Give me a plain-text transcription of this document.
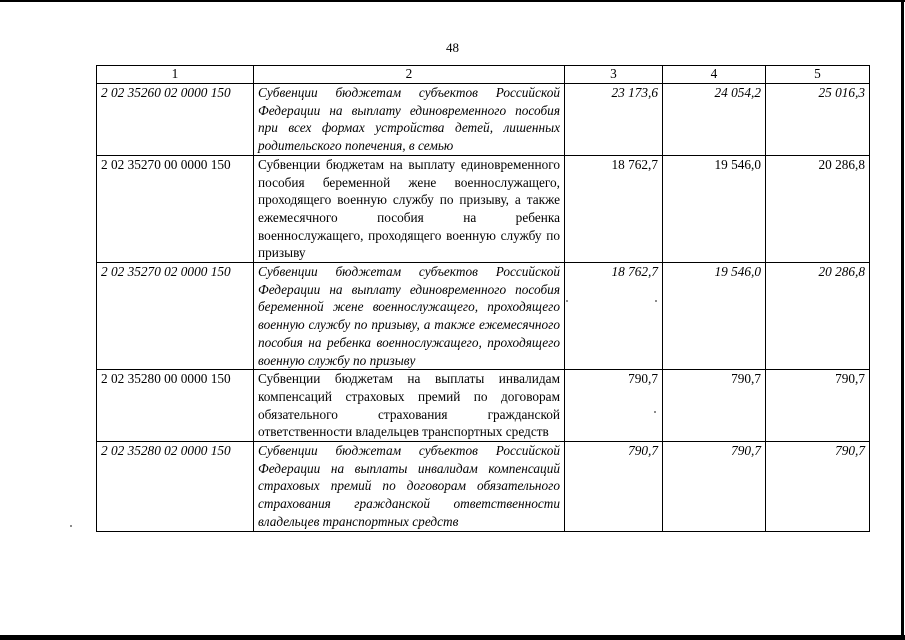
48
1	2	3	4	5
2 02 35260 02 0000 150	Субвенции бюджетам субъектов Российской Федерации на выплату единовременного пособия при всех формах устройства детей, лишенных родительского попечения, в семью	23 173,6	24 054,2	25 016,3
2 02 35270 00 0000 150	Субвенции бюджетам на выплату единовременного пособия беременной жене военнослужащего, проходящего военную службу по призыву, а также ежемесячного пособия на ребенка военнослужащего, проходящего военную службу по призыву	18 762,7	19 546,0	20 286,8
2 02 35270 02 0000 150	Субвенции бюджетам субъектов Российской Федерации на выплату единовременного пособия беременной жене военнослужащего, проходящего военную службу по призыву, а также ежемесячного пособия на ребенка военнослужащего, проходящего военную службу по призыву	18 762,7	19 546,0	20 286,8
2 02 35280 00 0000 150	Субвенции бюджетам на выплаты инвалидам компенсаций страховых премий по договорам обязательного страхования гражданской ответственности владельцев транспортных средств	790,7	790,7	790,7
2 02 35280 02 0000 150	Субвенции бюджетам субъектов Российской Федерации на выплаты инвалидам компенсаций страховых премий по договорам обязательного страхования гражданской ответственности владельцев транспортных средств	790,7	790,7	790,7
